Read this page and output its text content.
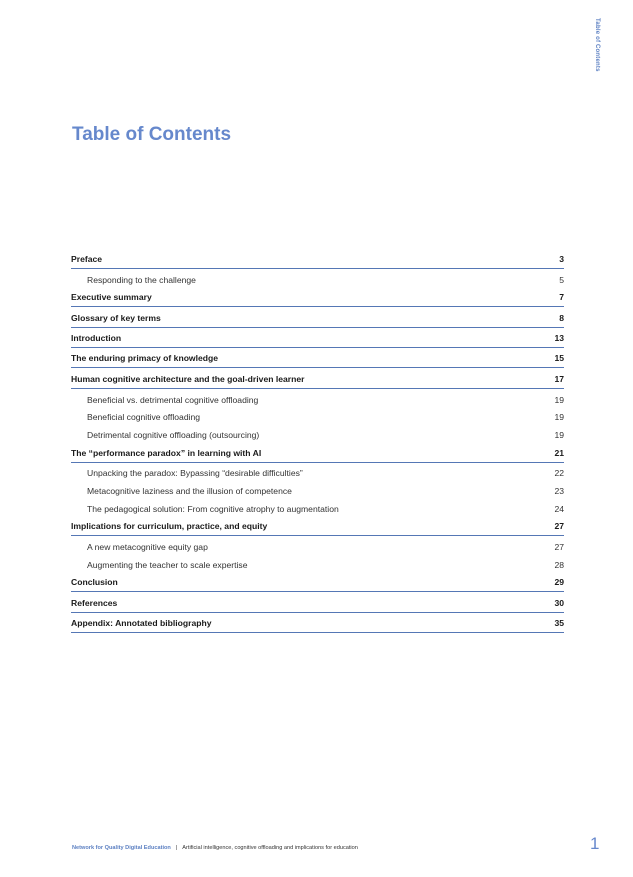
Table of Contents
Table of Contents
Preface	3
Responding to the challenge	5
Executive summary	7
Glossary of key terms	8
Introduction	13
The enduring primacy of knowledge	15
Human cognitive architecture and the goal-driven learner	17
Beneficial vs. detrimental cognitive offloading	19
Beneficial cognitive offloading	19
Detrimental cognitive offloading (outsourcing)	19
The “performance paradox” in learning with AI	21
Unpacking the paradox: Bypassing “desirable difficulties”	22
Metacognitive laziness and the illusion of competence	23
The pedagogical solution: From cognitive atrophy to augmentation	24
Implications for curriculum, practice, and equity	27
A new metacognitive equity gap	27
Augmenting the teacher to scale expertise	28
Conclusion	29
References	30
Appendix: Annotated bibliography	35
Network for Quality Digital Education | Artificial intelligence, cognitive offloading and implications for education	1
